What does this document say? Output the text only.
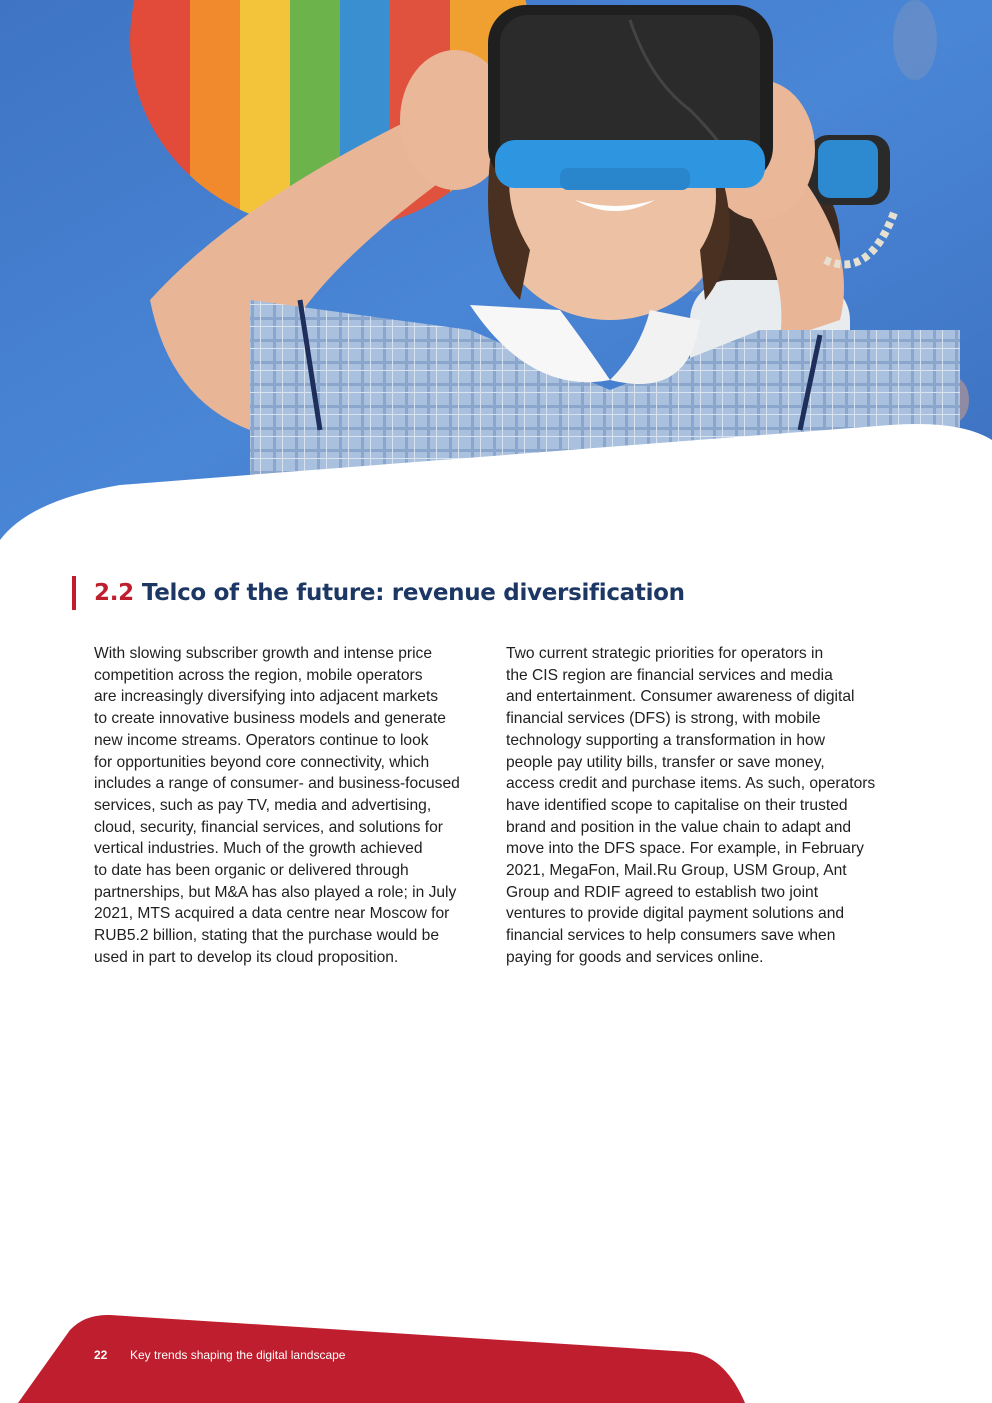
2.2 Telco of the future: revenue diversification
With slowing subscriber growth and intense price
competition across the region, mobile operators
are increasingly diversifying into adjacent markets
to create innovative business models and generate
new income streams. Operators continue to look
for opportunities beyond core connectivity, which
includes a range of consumer- and business-focused
services, such as pay TV, media and advertising,
cloud, security, financial services, and solutions for
vertical industries. Much of the growth achieved
to date has been organic or delivered through
partnerships, but M&A has also played a role; in July
2021, MTS acquired a data centre near Moscow for
RUB5.2 billion, stating that the purchase would be
used in part to develop its cloud proposition.
Two current strategic priorities for operators in
the CIS region are financial services and media
and entertainment. Consumer awareness of digital
financial services (DFS) is strong, with mobile
technology supporting a transformation in how
people pay utility bills, transfer or save money,
access credit and purchase items. As such, operators
have identified scope to capitalise on their trusted
brand and position in the value chain to adapt and
move into the DFS space. For example, in February
2021, MegaFon, Mail.Ru Group, USM Group, Ant
Group and RDIF agreed to establish two joint
ventures to provide digital payment solutions and
financial services to help consumers save when
paying for goods and services online.
22 Key trends shaping the digital landscape
